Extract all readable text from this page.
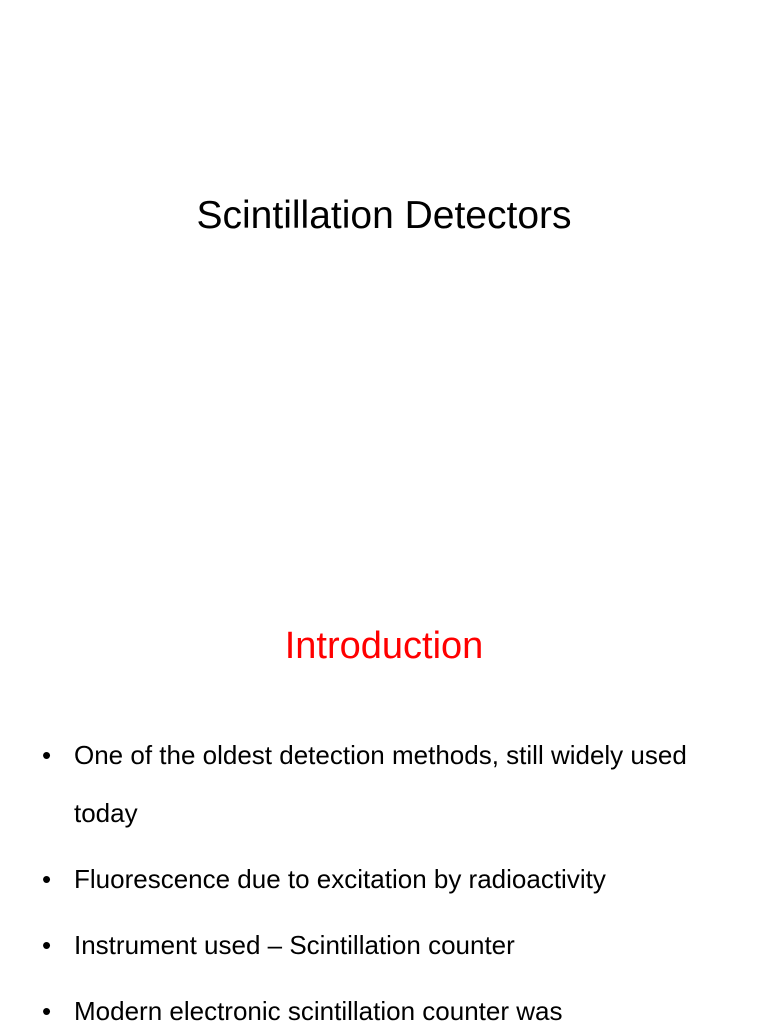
Scintillation Detectors
Introduction
• One of the oldest detection methods, still widely used today
• Fluorescence due to excitation by radioactivity
• Instrument used – Scintillation counter
• Modern electronic scintillation counter was
